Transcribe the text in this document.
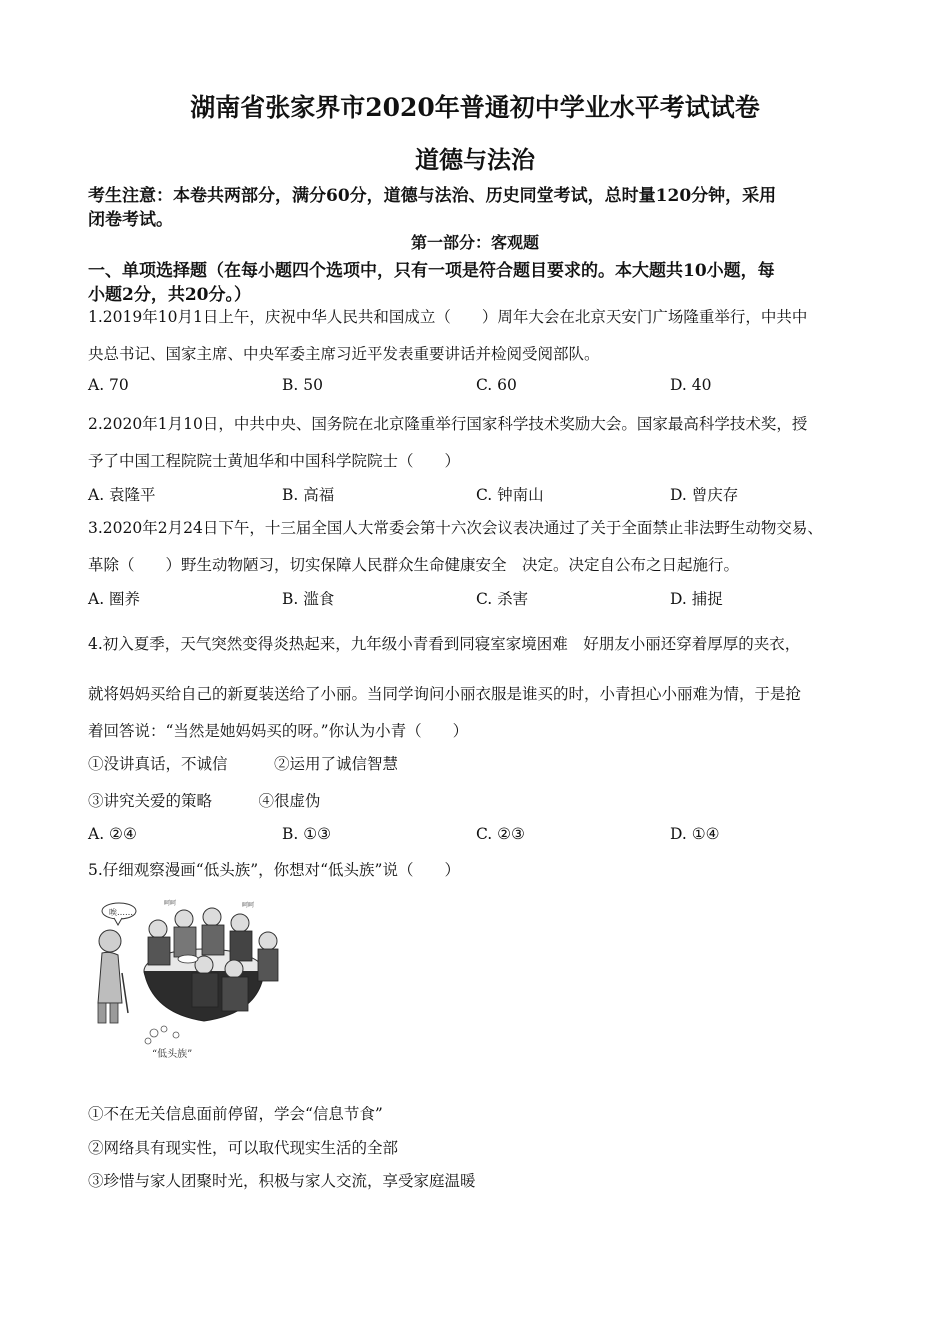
湖南省张家界市2020年普通初中学业水平考试试卷
道德与法治
考生注意：本卷共两部分，满分60分，道德与法治、历史同堂考试，总时量120分钟，采用
闭卷考试。
第一部分：客观题
一、单项选择题（在每小题四个选项中，只有一项是符合题目要求的。本大题共10小题，每
小题2分，共20分。）
1.2019年10月1日上午，庆祝中华人民共和国成立（　　）周年大会在北京天安门广场隆重举行，中共中
央总书记、国家主席、中央军委主席习近平发表重要讲话并检阅受阅部队。
A. 70	B. 50	C. 60	D. 40
2.2020年1月10日，中共中央、国务院在北京隆重举行国家科学技术奖励大会。国家最高科学技术奖，授
予了中国工程院院士黄旭华和中国科学院院士（　　）
A. 袁隆平	B. 高福	C. 钟南山	D. 曾庆存
3.2020年2月24日下午，十三届全国人大常委会第十六次会议表决通过了关于全面禁止非法野生动物交易、
革除（　　）野生动物陋习，切实保障人民群众生命健康安全　决定。决定自公布之日起施行。
A. 圈养	B. 滥食	C. 杀害	D. 捕捉
4.初入夏季，天气突然变得炎热起来，九年级小青看到同寝室家境困难　好朋友小丽还穿着厚厚的夹衣，
就将妈妈买给自己的新夏装送给了小丽。当同学询问小丽衣服是谁买的时，小青担心小丽难为情，于是抢
着回答说：“当然是她妈妈买的呀。”你认为小青（　　）
①没讲真话，不诚信　　　②运用了诚信智慧
③讲究关爱的策略　　　④很虚伪
A. ②④	B. ①③	C. ②③	D. ①④
5.仔细观察漫画“低头族”，你想对“低头族”说（　　）
唉……
呵呵	呵呵
“低头族”
①不在无关信息面前停留，学会“信息节食”
②网络具有现实性，可以取代现实生活的全部
③珍惜与家人团聚时光，积极与家人交流，享受家庭温暖
